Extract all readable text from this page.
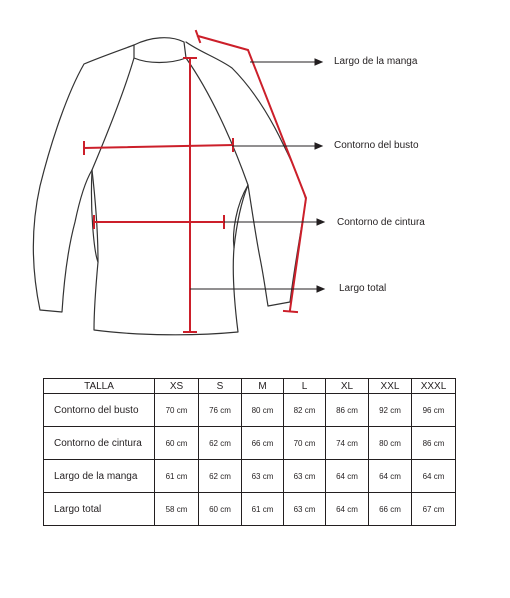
Largo de la manga
Contorno del busto
Contorno de cintura
Largo total
TALLA	XS	S	M	L	XL	XXL	XXXL
Contorno del busto	70 cm	76 cm	80 cm	82 cm	86 cm	92 cm	96 cm
Contorno de cintura	60 cm	62 cm	66 cm	70 cm	74 cm	80 cm	86 cm
Largo de la manga	61 cm	62 cm	63 cm	63 cm	64 cm	64 cm	64 cm
Largo total	58 cm	60 cm	61 cm	63 cm	64 cm	66 cm	67 cm
